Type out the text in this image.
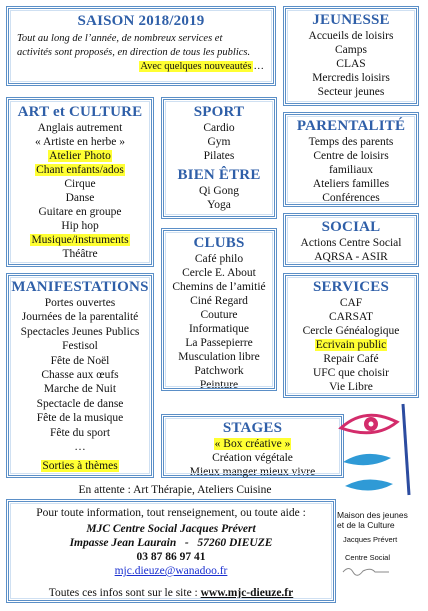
SAISON 2018/2019
Tout au long de l’année, de nombreux services et
activités sont proposés, en direction de tous les publics.
Avec quelques nouveautés …
JEUNESSE
Accueils de loisirs
Camps
CLAS
Mercredis loisirs
Secteur jeunes
ART et CULTURE
Anglais autrement
« Artiste en herbe »
Atelier Photo
Chant enfants/ados
Cirque
Danse
Guitare en groupe
Hip hop
Musique/instruments
Théâtre
SPORT
Cardio
Gym
Pilates
BIEN ÊTRE
Qi Gong
Yoga
PARENTALITÉ
Temps des parents
Centre de loisirs
familiaux
Ateliers familles
Conférences
SOCIAL
Actions Centre Social
AQRSA - ASIR
MANIFESTATIONS
Portes ouvertes
Journées de la parentalité
Spectacles Jeunes Publics
Festisol
Fête de Noël
Chasse aux œufs
Marche de Nuit
Spectacle de danse
Fête de la musique
Fête du sport
…
Sorties à thèmes
CLUBS
Café philo
Cercle E. About
Chemins de l’amitié
Ciné Regard
Couture
Informatique
La Passepierre
Musculation libre
Patchwork
Peinture
SERVICES
CAF
CARSAT
Cercle Généalogique
Ecrivain public
Repair Café
UFC que choisir
Vie Libre
STAGES
« Box créative »
Création végétale
Mieux manger mieux vivre
En attente : Art Thérapie, Ateliers Cuisine
Pour toute information, tout renseignement, ou toute aide :
MJC Centre Social Jacques Prévert
Impasse Jean Laurain   -   57260 DIEUZE
03 87 86 97 41
mjc.dieuze@wanadoo.fr
Toutes ces infos sont sur le site : www.mjc-dieuze.fr
Maison des jeunes
et de la Culture
Jacques Prévert
Centre Social
